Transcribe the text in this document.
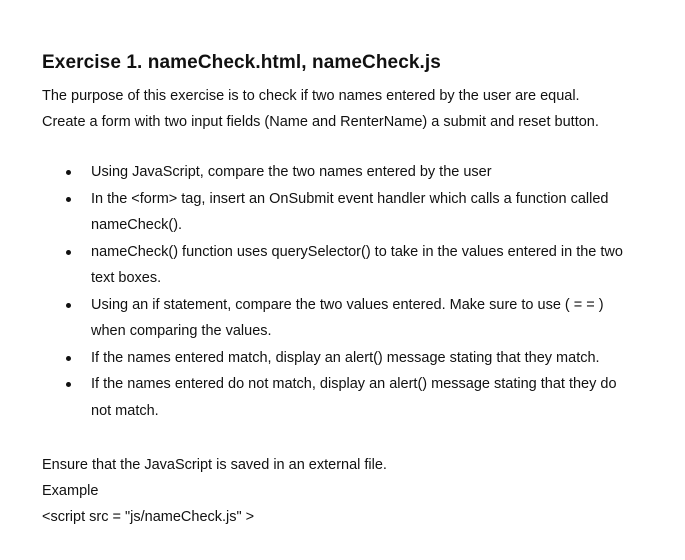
Exercise 1. nameCheck.html, nameCheck.js
The purpose of this exercise is to check if two names entered by the user are equal.
Create a form with two input fields (Name and RenterName) a submit and reset button.
Using JavaScript, compare the two names entered by the user
In the <form> tag, insert an OnSubmit event handler which calls a function called
nameCheck().
nameCheck() function uses querySelector() to take in the values entered in the two
text boxes.
Using an if statement, compare the two values entered. Make sure to use ( = = )
when comparing the values.
If the names entered match, display an alert() message stating that they match.
If the names entered do not match, display an alert() message stating that they do
not match.
Ensure that the JavaScript is saved in an external file.
Example
<script src = "js/nameCheck.js" >
